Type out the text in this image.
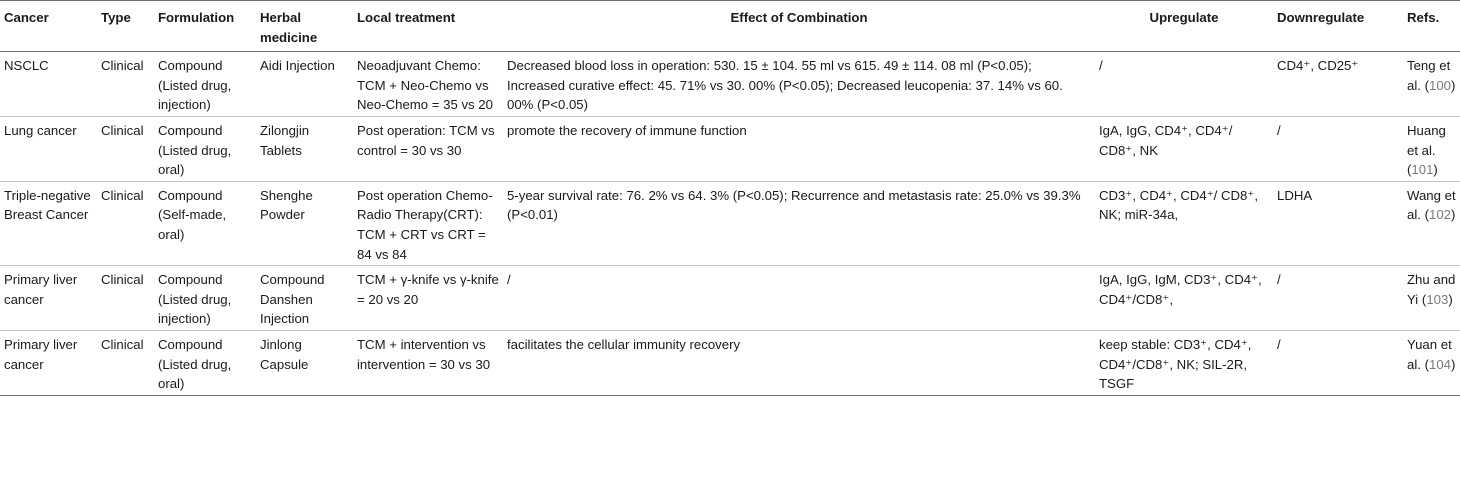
Cancer	Type	Formulation	Herbal medicine	Local treatment	Effect of Combination	Upregulate	Downregulate	Refs.
NSCLC	Clinical	Compound (Listed drug, injection)	Aidi Injection	Neoadjuvant Chemo: TCM + Neo-Chemo vs Neo-Chemo = 35 vs 20	Decreased blood loss in operation: 530. 15 ± 104. 55 ml vs 615. 49 ± 114. 08 ml (P<0.05); Increased curative effect: 45. 71% vs 30. 00% (P<0.05); Decreased leucopenia: 37. 14% vs 60. 00% (P<0.05)	/	CD4⁺, CD25⁺	Teng et al. (100)
Lung cancer	Clinical	Compound (Listed drug, oral)	Zilongjin Tablets	Post operation: TCM vs control = 30 vs 30	promote the recovery of immune function	IgA, IgG, CD4⁺, CD4⁺/ CD8⁺, NK	/	Huang et al. (101)
Triple-negative Breast Cancer	Clinical	Compound (Self-made, oral)	Shenghe Powder	Post operation Chemo-Radio Therapy(CRT): TCM + CRT vs CRT = 84 vs 84	5-year survival rate: 76. 2% vs 64. 3% (P<0.05); Recurrence and metastasis rate: 25.0% vs 39.3% (P<0.01)	CD3⁺, CD4⁺, CD4⁺/ CD8⁺, NK; miR-34a,	LDHA	Wang et al. (102)
Primary liver cancer	Clinical	Compound (Listed drug, injection)	Compound Danshen Injection	TCM + γ-knife vs γ-knife = 20 vs 20	/	IgA, IgG, IgM, CD3⁺, CD4⁺, CD4⁺/CD8⁺,	/	Zhu and Yi (103)
Primary liver cancer	Clinical	Compound (Listed drug, oral)	Jinlong Capsule	TCM + intervention vs intervention = 30 vs 30	facilitates the cellular immunity recovery	keep stable: CD3⁺, CD4⁺, CD4⁺/CD8⁺, NK; SIL-2R, TSGF	/	Yuan et al. (104)
